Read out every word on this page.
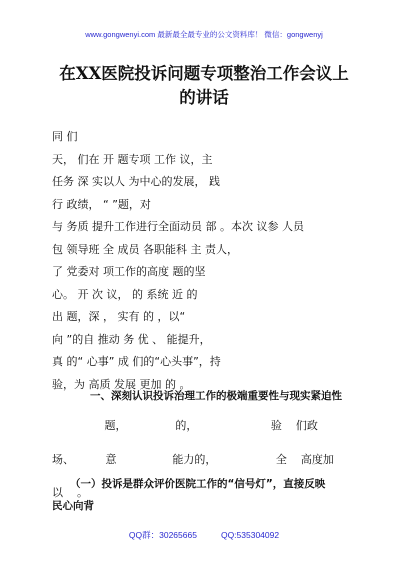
www.gongwenyi.com 最新最全最专业的公文资料库！ 微信：gongwenyj
在XX医院投诉问题专项整治工作会议上
的讲话

同 们

天， 们在 开 题专项 工作 议，主

任务 深 实以人 为中心的发展， 践

行 政绩， “ ”题，对

与 务质 提升工作进行全面动员 部 。本次 议参 人员

包 领导班 全 成员 各职能科 主 责人，

了 党委对 项工作的高度 题的坚

心。 开 次 议， 的 系统 近 的

出 题，深 ， 实有 的 ，以“

向 ”的自 推动 务 优 、 能提升，

真 的“ 心事” 成 们的“心头事”，持

验，为 高质 发展 更加 的 。

一、深刻认识投诉治理工作的极端重要性与现实紧迫性

题，              的，                     验    们政

场、         意                能力的，                 全    高度加

以    。

（一）投诉是群众评价医院工作的“信号灯”，直接反映
民心向背
QQ群：30265665	QQ:535304092
